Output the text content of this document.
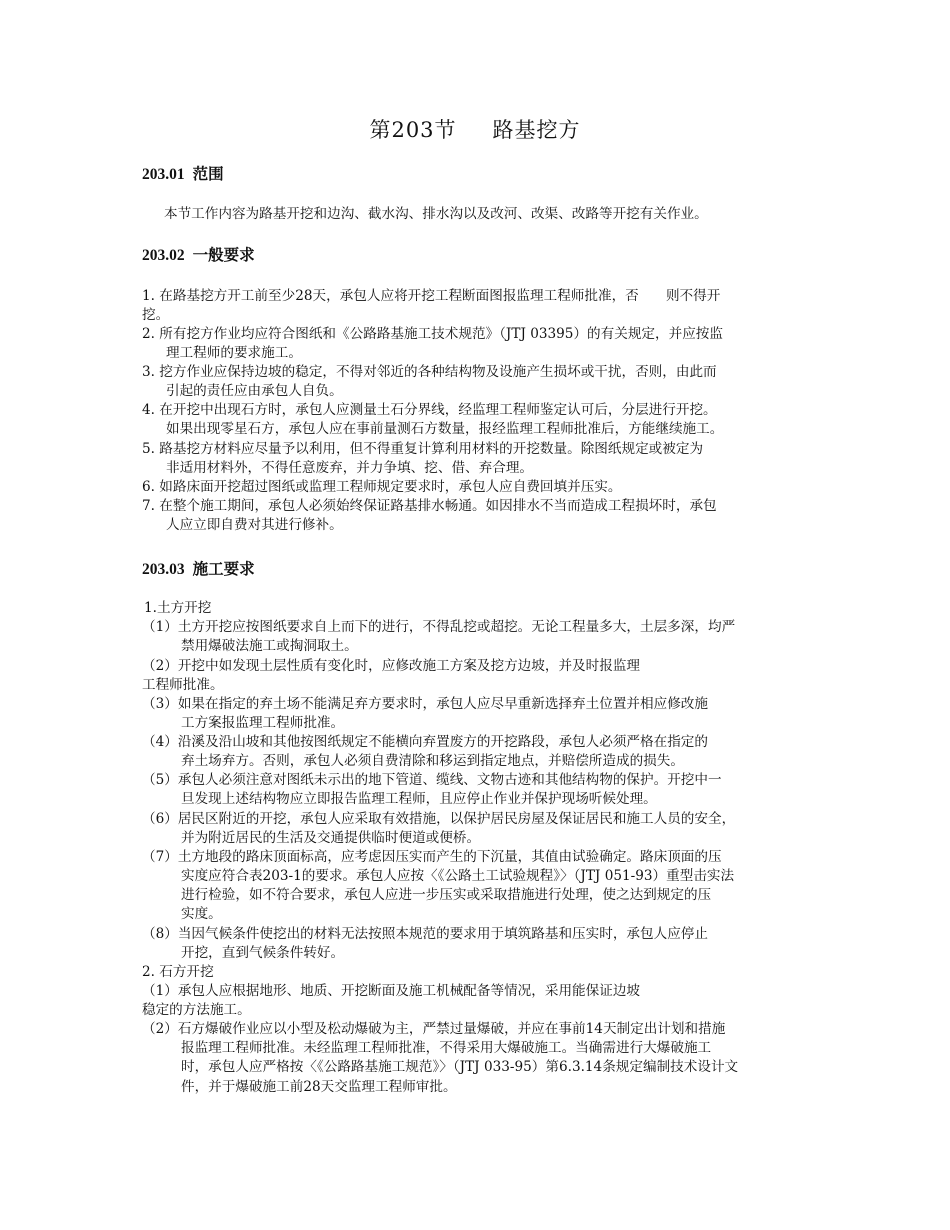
第203节 路基挖方
203.01 范围
本节工作内容为路基开挖和边沟、截水沟、排水沟以及改河、改渠、改路等开挖有关作业。
203.02 一般要求
1. 在路基挖方开工前至少28天，承包人应将开挖工程断面图报监理工程师批准，否　　则不得开
挖。
2. 所有挖方作业均应符合图纸和《公路路基施工技术规范》（JTJ 03395）的有关规定，并应按监
理工程师的要求施工。
3. 挖方作业应保持边坡的稳定，不得对邻近的各种结构物及设施产生损坏或干扰，否则，由此而
引起的责任应由承包人自负。
4. 在开挖中出现石方时，承包人应测量土石分界线，经监理工程师鉴定认可后，分层进行开挖。
如果出现零星石方，承包人应在事前量测石方数量，报经监理工程师批准后，方能继续施工。
5. 路基挖方材料应尽量予以利用，但不得重复计算利用材料的开挖数量。除图纸规定或被定为
非适用材料外，不得任意废弃，并力争填、挖、借、弃合理。
6. 如路床面开挖超过图纸或监理工程师规定要求时，承包人应自费回填并压实。
7. 在整个施工期间，承包人必须始终保证路基排水畅通。如因排水不当而造成工程损坏时，承包
人应立即自费对其进行修补。
203.03 施工要求
1.土方开挖
（1）土方开挖应按图纸要求自上而下的进行，不得乱挖或超挖。无论工程量多大，土层多深，均严
禁用爆破法施工或掏洞取土。
（2）开挖中如发现土层性质有变化时，应修改施工方案及挖方边坡，并及时报监理
工程师批准。
（3）如果在指定的弃土场不能满足弃方要求时，承包人应尽早重新选择弃土位置并相应修改施
工方案报监理工程师批准。
（4）沿溪及沿山坡和其他按图纸规定不能横向弃置废方的开挖路段，承包人必须严格在指定的
弃土场弃方。否则，承包人必须自费清除和移运到指定地点，并赔偿所造成的损失。
（5）承包人必须注意对图纸未示出的地下管道、缆线、文物古迹和其他结构物的保护。开挖中一
旦发现上述结构物应立即报告监理工程师，且应停止作业并保护现场听候处理。
（6）居民区附近的开挖，承包人应采取有效措施，以保护居民房屋及保证居民和施工人员的安全，
并为附近居民的生活及交通提供临时便道或便桥。
（7）土方地段的路床顶面标高，应考虑因压实而产生的下沉量，其值由试验确定。路床顶面的压
实度应符合表203-1的要求。承包人应按〈《公路土工试验规程》〉（JTJ 051-93）重型击实法
进行检验，如不符合要求，承包人应进一步压实或采取措施进行处理，使之达到规定的压
实度。
（8）当因气候条件使挖出的材料无法按照本规范的要求用于填筑路基和压实时，承包人应停止
开挖，直到气候条件转好。
2. 石方开挖
（1）承包人应根据地形、地质、开挖断面及施工机械配备等情况，采用能保证边坡
稳定的方法施工。
（2）石方爆破作业应以小型及松动爆破为主，严禁过量爆破，并应在事前14天制定出计划和措施
报监理工程师批准。未经监理工程师批准，不得采用大爆破施工。当确需进行大爆破施工
时，承包人应严格按〈《公路路基施工规范》〉（JTJ 033-95）第6.3.14条规定编制技术设计文
件，并于爆破施工前28天交监理工程师审批。
